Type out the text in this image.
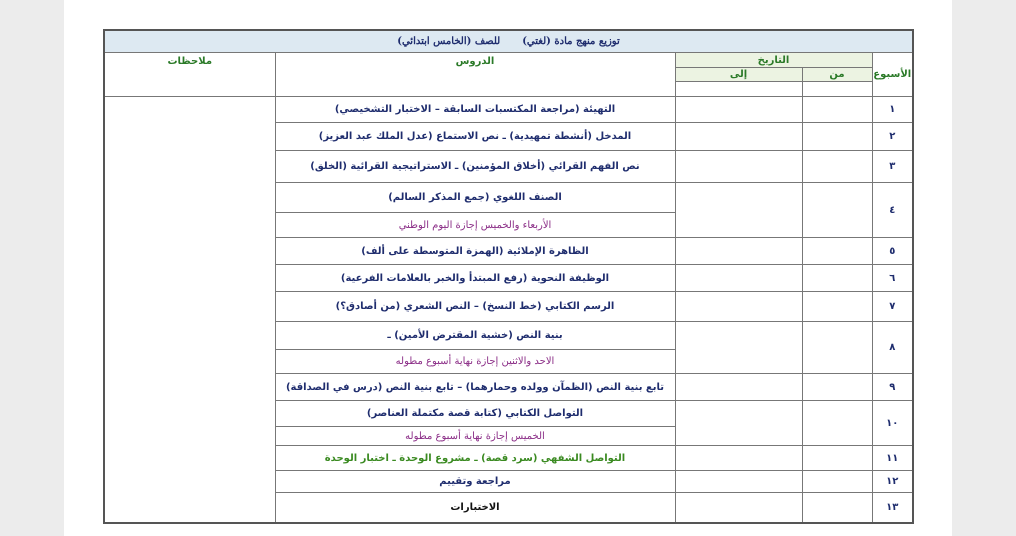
توزيع منهج مادة (لغتي)للصف (الخامس ابتدائي)				
الأسبوع	التاريخ		الدروس	ملاحظات
	من	إلى		

١			التهيئة (مراجعة المكتسبات السابقة – الاختبار التشخيصي)	
٢			المدخل (أنشطة تمهيدية) ـ نص الاستماع (عدل الملك عبد العزيز)	
٣			نص الفهم القرائي (أخلاق المؤمنين) ـ الاستراتيجية القرائية (الخلق)	
٤			الصنف اللغوي (جمع المذكر السالم)	
			الأربعاء والخميس إجازة اليوم الوطني	
٥			الظاهرة الإملائية (الهمزة المتوسطة على ألف)	
٦			الوظيفة النحوية (رفع المبتدأ والخبر بالعلامات الفرعية)	
٧			الرسم الكتابي (خط النسخ) – النص الشعري (من أصادق؟)	
٨			بنية النص (خشية المقترض الأمين) ـ	
			الاحد والاثنين إجازة نهاية أسبوع مطوله	
٩			تابع بنية النص (الظمآن وولده وحمارهما) – تابع بنية النص (درس في الصداقة)	
١٠			التواصل الكتابي (كتابة قصة مكتملة العناصر)	
			الخميس إجازة نهاية أسبوع مطوله	
١١			التواصل الشفهي (سرد قصة) ـ مشروع الوحدة ـ اختبار الوحدة	
١٢			مراجعة وتقييم	
١٣			الاختبارات	
